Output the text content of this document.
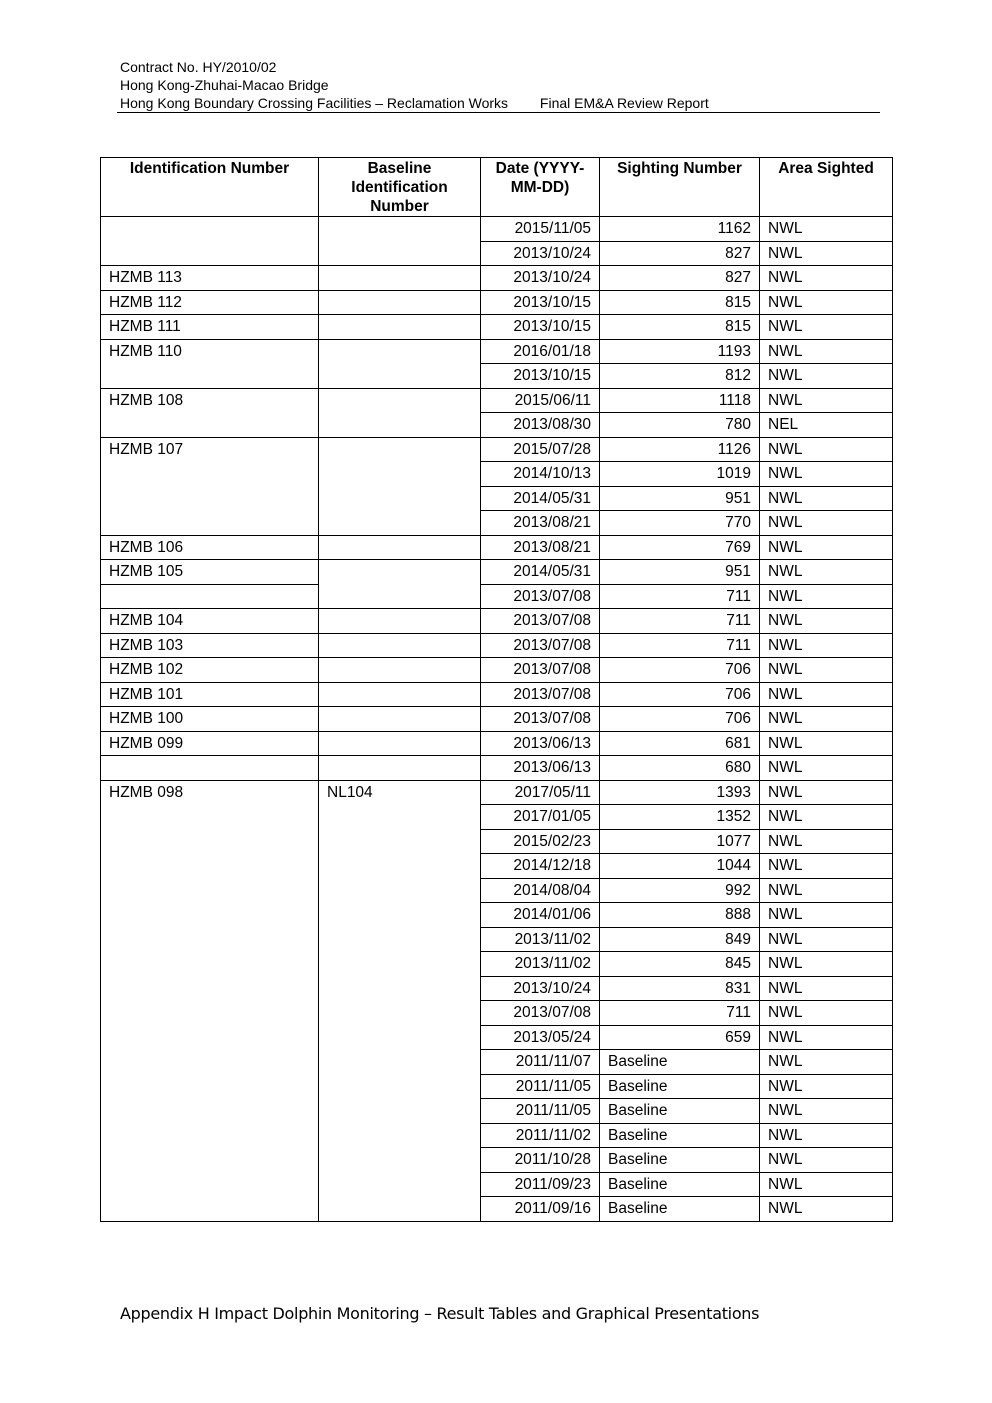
Contract No. HY/2010/02
Hong Kong-Zhuhai-Macao Bridge
Hong Kong Boundary Crossing Facilities – Reclamation Works Final EM&A Review Report
Identification Number	Baseline Identification Number	Date (YYYY-MM-DD)	Sighting Number	Area Sighted
		2015/11/05	1162	NWL
		2013/10/24	827	NWL
HZMB 113		2013/10/24	827	NWL
HZMB 112		2013/10/15	815	NWL
HZMB 111		2013/10/15	815	NWL
HZMB 110		2016/01/18	1193	NWL
		2013/10/15	812	NWL
HZMB 108		2015/06/11	1118	NWL
		2013/08/30	780	NEL
HZMB 107		2015/07/28	1126	NWL
		2014/10/13	1019	NWL
		2014/05/31	951	NWL
		2013/08/21	770	NWL
HZMB 106		2013/08/21	769	NWL
HZMB 105		2014/05/31	951	NWL
		2013/07/08	711	NWL
HZMB 104		2013/07/08	711	NWL
HZMB 103		2013/07/08	711	NWL
HZMB 102		2013/07/08	706	NWL
HZMB 101		2013/07/08	706	NWL
HZMB 100		2013/07/08	706	NWL
HZMB 099		2013/06/13	681	NWL
		2013/06/13	680	NWL
HZMB 098	NL104	2017/05/11	1393	NWL
		2017/01/05	1352	NWL
		2015/02/23	1077	NWL
		2014/12/18	1044	NWL
		2014/08/04	992	NWL
		2014/01/06	888	NWL
		2013/11/02	849	NWL
		2013/11/02	845	NWL
		2013/10/24	831	NWL
		2013/07/08	711	NWL
		2013/05/24	659	NWL
		2011/11/07	Baseline	NWL
		2011/11/05	Baseline	NWL
		2011/11/05	Baseline	NWL
		2011/11/02	Baseline	NWL
		2011/10/28	Baseline	NWL
		2011/09/23	Baseline	NWL
		2011/09/16	Baseline	NWL
Appendix H Impact Dolphin Monitoring – Result Tables and Graphical Presentations
